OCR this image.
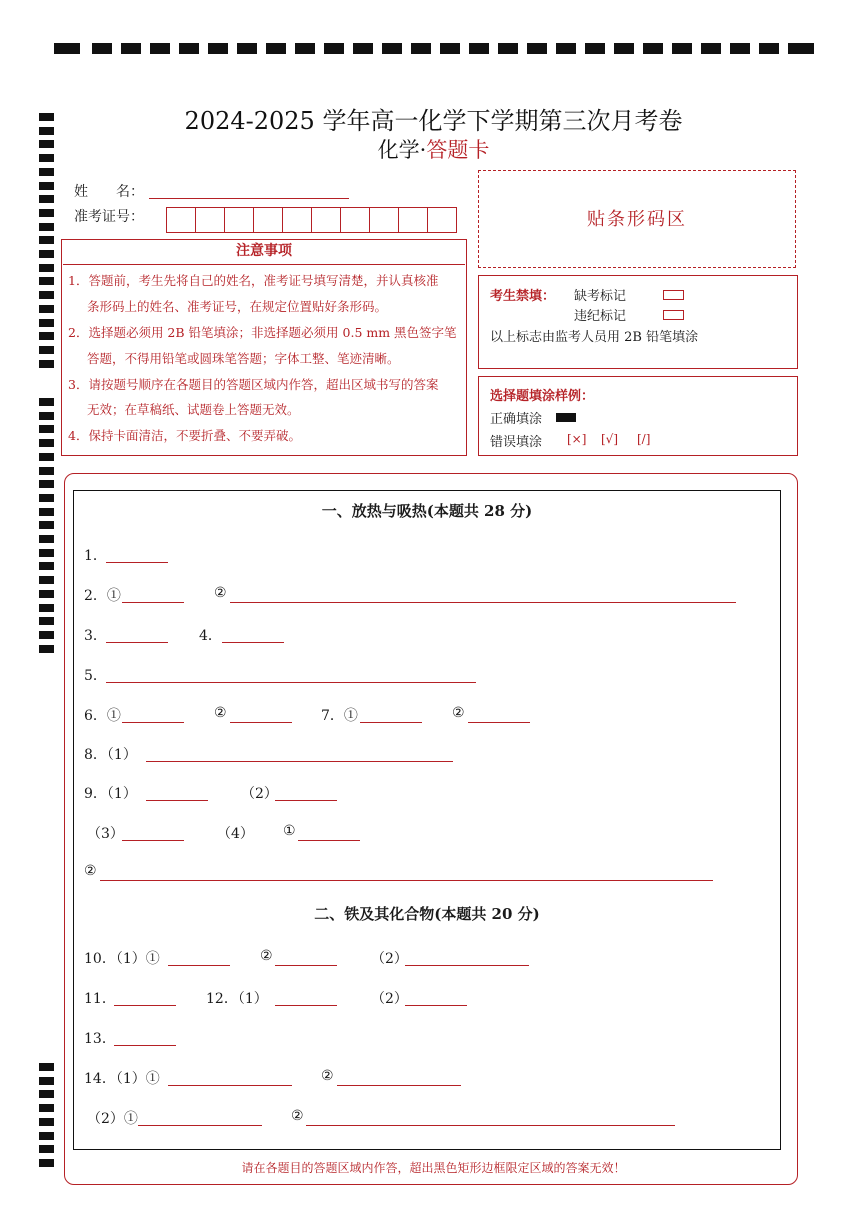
2024-2025 学年高一化学下学期第三次月考卷
化学·答题卡
姓　　名：
准考证号：	贴条形码区
注意事项
1．答题前，考生先将自己的姓名，准考证号填写清楚，并认真核准
条形码上的姓名、准考证号，在规定位置贴好条形码。
2．选择题必须用 2B 铅笔填涂；非选择题必须用 0.5 mm 黑色签字笔
答题，不得用铅笔或圆珠笔答题；字体工整、笔迹清晰。
3．请按题号顺序在各题目的答题区域内作答，超出区域书写的答案
无效；在草稿纸、试题卷上答题无效。
4．保持卡面清洁，不要折叠、不要弄破。
考生禁填： 缺考标记
违纪标记
以上标志由监考人员用 2B 铅笔填涂
选择题填涂样例：
正确填涂
错误填涂 [×] [√] [/]
一、放热与吸热(本题共 28 分)
1．
2．①	②
3．	4．
5．
6．①	②	7．①	②
8．（1）
9．（1）	（2）
（3）	（4） ①
②
二、铁及其化合物(本题共 20 分)
10．（1）①	②	（2）
11．	12．（1）	（2）
13．
14．（1）①	②
（2）①	②
请在各题目的答题区域内作答，超出黑色矩形边框限定区域的答案无效！
